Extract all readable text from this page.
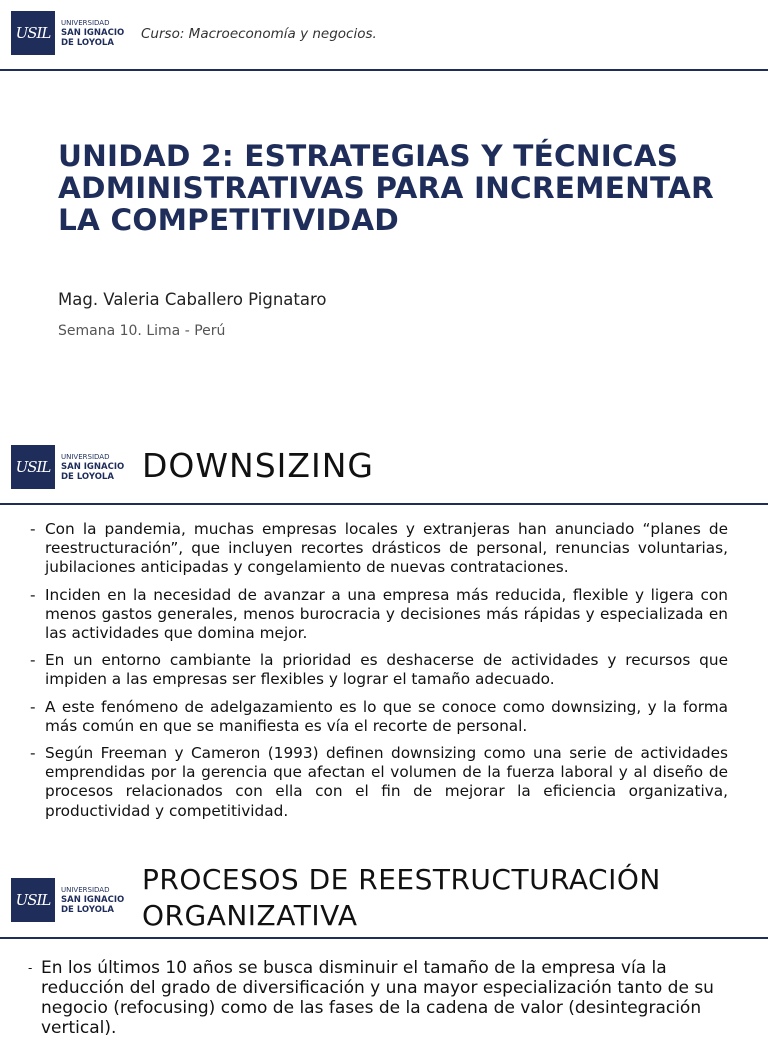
USIL
UNIVERSIDAD
SAN IGNACIO
DE LOYOLA
Curso: Macroeconomía y negocios.
UNIDAD 2: ESTRATEGIAS Y TÉCNICAS ADMINISTRATIVAS PARA INCREMENTAR LA COMPETITIVIDAD
Mag. Valeria Caballero Pignataro
Semana 10. Lima - Perú
USIL
UNIVERSIDAD
SAN IGNACIO
DE LOYOLA DOWNSIZING
- Con la pandemia, muchas empresas locales y extranjeras han anunciado “planes de reestructuración”, que incluyen recortes drásticos de personal, renuncias voluntarias, jubilaciones anticipadas y congelamiento de nuevas contrataciones.
- Inciden en la necesidad de avanzar a una empresa más reducida, flexible y ligera con menos gastos generales, menos burocracia y decisiones más rápidas y especializada en las actividades que domina mejor.
- En un entorno cambiante la prioridad es deshacerse de actividades y recursos que impiden a las empresas ser flexibles y lograr el tamaño adecuado.
- A este fenómeno de adelgazamiento es lo que se conoce como downsizing, y la forma más común en que se manifiesta es vía el recorte de personal.
- Según Freeman y Cameron (1993) definen downsizing como una serie de actividades emprendidas por la gerencia que afectan el volumen de la fuerza laboral y al diseño de procesos relacionados con ella con el fin de mejorar la eficiencia organizativa, productividad y competitividad.
USIL
UNIVERSIDAD
SAN IGNACIO
DE LOYOLA
PROCESOS DE REESTRUCTURACIÓN
ORGANIZATIVA
- En los últimos 10 años se busca disminuir el tamaño de la empresa vía la reducción del grado de diversificación y una mayor especialización tanto de su negocio (refocusing) como de las fases de la cadena de valor (desintegración vertical).
